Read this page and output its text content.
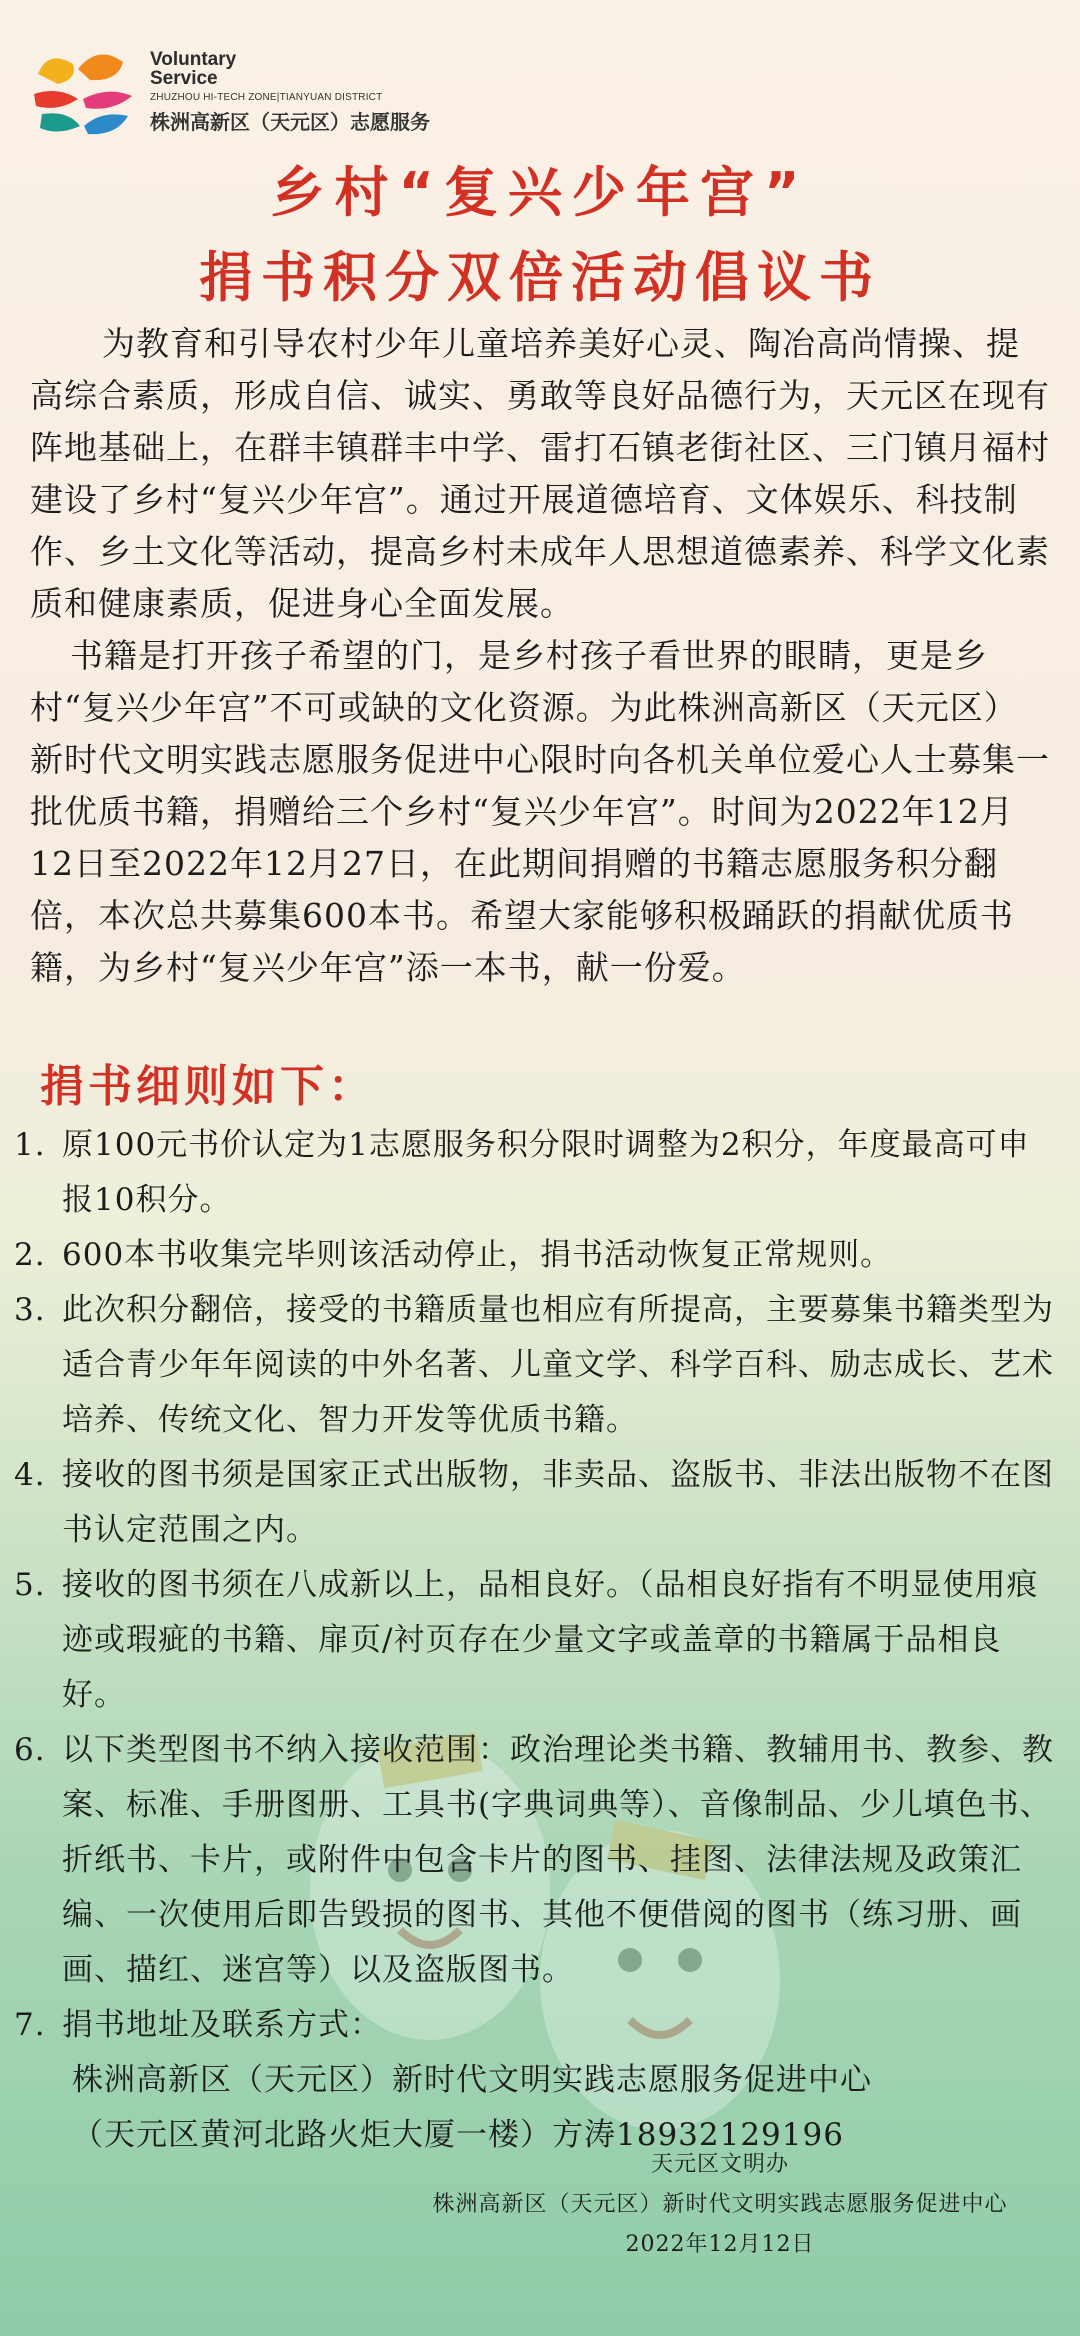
Voluntary
Service
ZHUZHOU HI-TECH ZONE|TIANYUAN DISTRICT
株洲高新区（天元区）志愿服务
乡村“复兴少年宫”
捐书积分双倍活动倡议书
为教育和引导农村少年儿童培养美好心灵、陶冶高尚情操、提高综合素质，形成自信、诚实、勇敢等良好品德行为，天元区在现有阵地基础上，在群丰镇群丰中学、雷打石镇老街社区、三门镇月福村建设了乡村“复兴少年宫”。通过开展道德培育、文体娱乐、科技制作、乡土文化等活动，提高乡村未成年人思想道德素养、科学文化素质和健康素质，促进身心全面发展。
书籍是打开孩子希望的门，是乡村孩子看世界的眼睛，更是乡村“复兴少年宫”不可或缺的文化资源。为此株洲高新区（天元区）新时代文明实践志愿服务促进中心限时向各机关单位爱心人士募集一批优质书籍，捐赠给三个乡村“复兴少年宫”。时间为2022年12月12日至2022年12月27日，在此期间捐赠的书籍志愿服务积分翻倍，本次总共募集600本书。希望大家能够积极踊跃的捐献优质书籍，为乡村“复兴少年宫”添一本书，献一份爱。
捐书细则如下：
1. 原100元书价认定为1志愿服务积分限时调整为2积分，年度最高可申报10积分。
2. 600本书收集完毕则该活动停止，捐书活动恢复正常规则。
3. 此次积分翻倍，接受的书籍质量也相应有所提高，主要募集书籍类型为适合青少年年阅读的中外名著、儿童文学、科学百科、励志成长、艺术培养、传统文化、智力开发等优质书籍。
4. 接收的图书须是国家正式出版物，非卖品、盗版书、非法出版物不在图书认定范围之内。
5. 接收的图书须在八成新以上，品相良好。（品相良好指有不明显使用痕迹或瑕疵的书籍、扉页/衬页存在少量文字或盖章的书籍属于品相良好。
6. 以下类型图书不纳入接收范围：政治理论类书籍、教辅用书、教参、教案、标准、手册图册、工具书(字典词典等）、音像制品、少儿填色书、折纸书、卡片，或附件中包含卡片的图书、挂图、法律法规及政策汇编、一次使用后即告毁损的图书、其他不便借阅的图书（练习册、画画、描红、迷宫等）以及盗版图书。
7. 捐书地址及联系方式：
株洲高新区（天元区）新时代文明实践志愿服务促进中心
（天元区黄河北路火炬大厦一楼）方涛18932129196
天元区文明办
株洲高新区（天元区）新时代文明实践志愿服务促进中心
2022年12月12日
